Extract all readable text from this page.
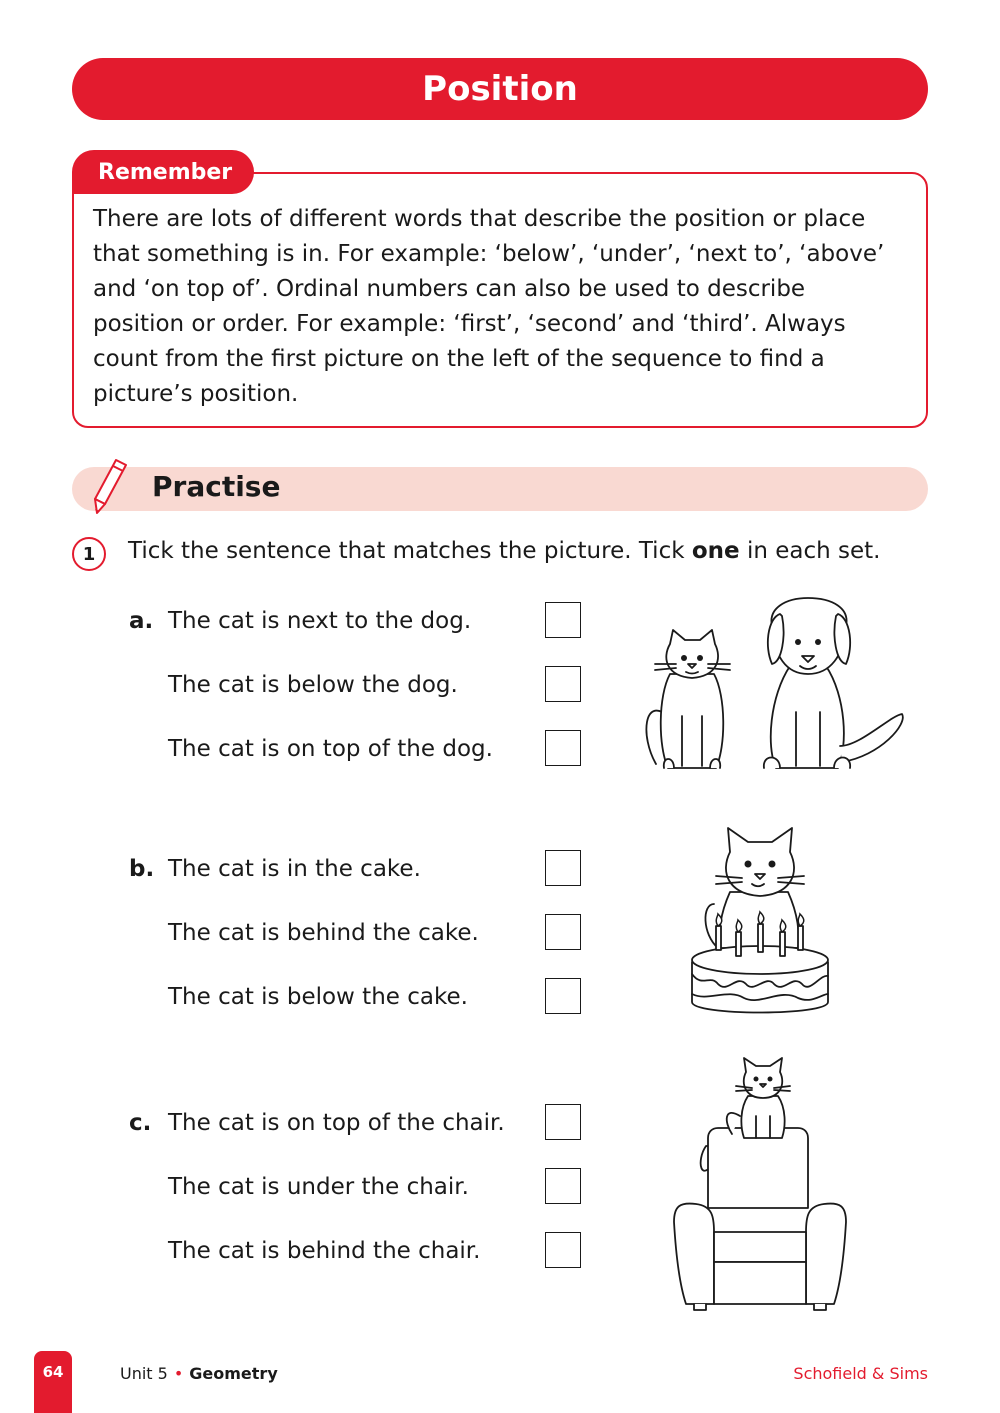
Position
Remember

There are lots of different words that describe the position or place that something is in. For example: ‘below’, ‘under’, ‘next to’, ‘above’ and ‘on top of’. Ordinal numbers can also be used to describe position or order. For example: ‘first’, ‘second’ and ‘third’. Always count from the first picture on the left of the sequence to find a picture’s position.

Practise
1	Tick the sentence that matches the picture. Tick one in each set.
a. The cat is next to the dog.
The cat is below the dog.
The cat is on top of the dog.
b. The cat is in the cake.
The cat is behind the cake.
The cat is below the cake.
c. The cat is on top of the chair.
The cat is under the chair.
The cat is behind the chair.
64	Unit 5 • Geometry	Schofield & Sims
